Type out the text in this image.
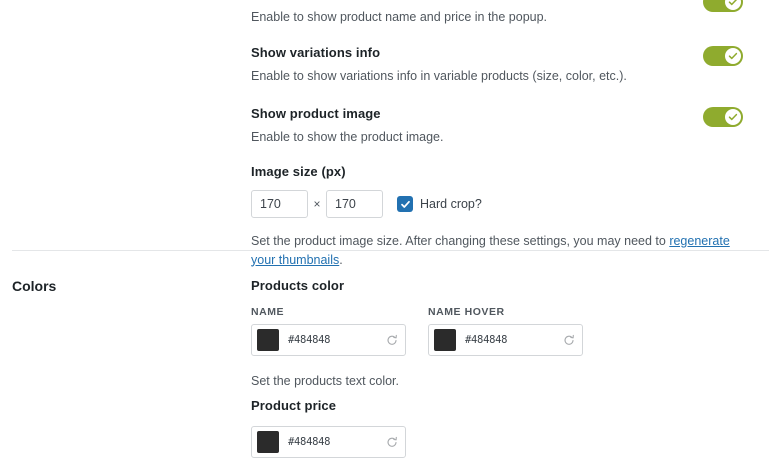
Enable to show product name and price in the popup.

Show variations info

Enable to show variations info in variable products (size, color, etc.).

Show product image

Enable to show the product image.

Image size (px)
170
×
170	Hard crop?

Set the product image size. After changing these settings, you may need to regenerate your thumbnails.

Colors	Products color
NAME
#484848
NAME HOVER
#484848

Set the products text color.

Product price
#484848
